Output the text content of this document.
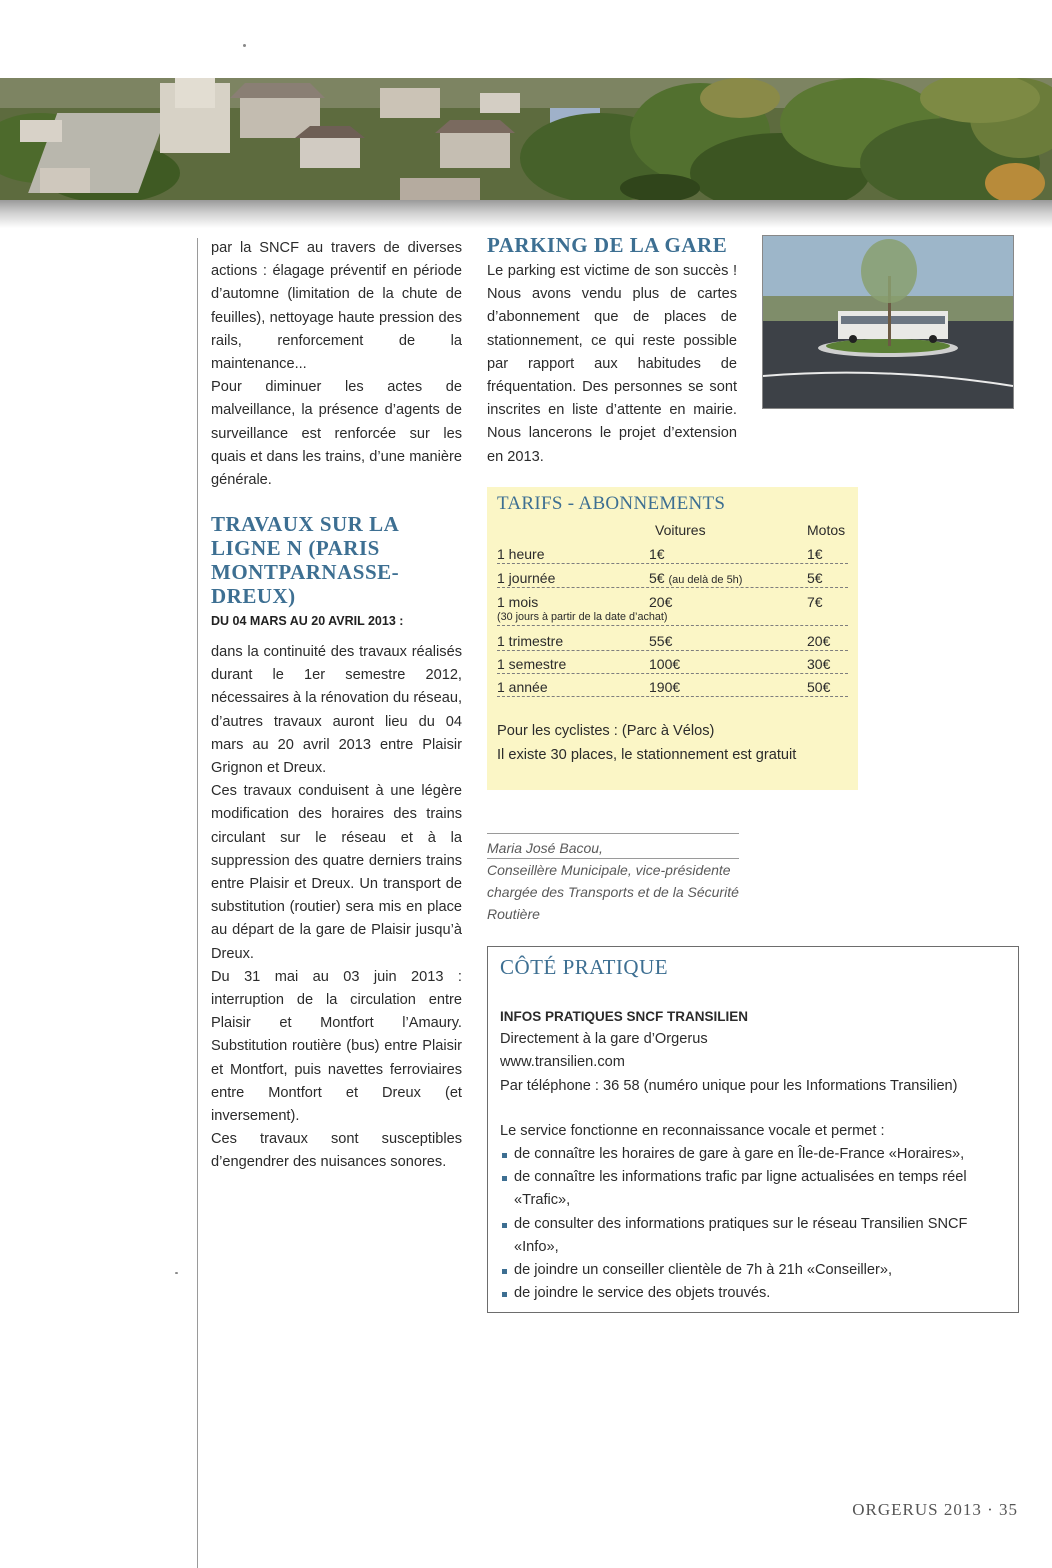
par la SNCF au travers de diverses actions : élagage préventif en période d’automne (limitation de la chute de feuilles), nettoyage haute pression des rails, renforcement de la maintenance...

Pour diminuer les actes de malveillance, la présence d’agents de surveillance est renforcée sur les quais et dans les trains, d’une manière générale.

TRAVAUX SUR LA LIGNE N (PARIS MONTPARNASSE-DREUX)
DU 04 MARS AU 20 AVRIL 2013 :

dans la continuité des travaux réalisés durant le 1er semestre 2012, nécessaires à la rénovation du réseau, d’autres travaux auront lieu du 04 mars au 20 avril 2013 entre Plaisir Grignon et Dreux.

Ces travaux conduisent à une légère modification des horaires des trains circulant sur le réseau et à la suppression des quatre derniers trains entre Plaisir et Dreux. Un transport de substitution (routier) sera mis en place au départ de la gare de Plaisir jusqu’à Dreux.

Du 31 mai au 03 juin 2013 : interruption de la circulation entre Plaisir et Montfort l’Amaury. Substitution routière (bus) entre Plaisir et Montfort, puis navettes ferroviaires entre Montfort et Dreux (et inversement).

Ces travaux sont susceptibles d’engendrer des nuisances sonores.

PARKING DE LA GARE

Le parking est victime de son succès ! Nous avons vendu plus de cartes d’abonnement que de places de stationnement, ce qui reste possible par rapport aux habitudes de fréquentation. Des personnes se sont inscrites en liste d’attente en mairie. Nous lancerons le projet d’extension en 2013.

TARIFS - ABONNEMENTS
Voitures	Motos
1 heure	1€	1€
1 journée	5€ (au delà de 5h)	5€
1 mois	20€	7€
(30 jours à partir de la date d’achat)
1 trimestre	55€	20€
1 semestre	100€	30€
1 année	190€	50€
Pour les cyclistes : (Parc à Vélos)
Il existe 30 places, le stationnement est gratuit
Maria José Bacou,
Conseillère Municipale, vice-présidente chargée des Transports et de la Sécurité Routière
CÔTÉ PRATIQUE

INFOS PRATIQUES SNCF TRANSILIEN

Directement à la gare d’Orgerus

www.transilien.com

Par téléphone : 36 58 (numéro unique pour les Informations Transilien)

Le service fonctionne en reconnaissance vocale et permet :

de connaître les horaires de gare à gare en Île-de-France «Horaires»,
de connaître les informations trafic par ligne actualisées en temps réel «Trafic»,
de consulter des informations pratiques sur le réseau Transilien SNCF «Info»,
de joindre un conseiller clientèle de 7h à 21h «Conseiller»,
de joindre le service des objets trouvés.
ORGERUS 2013 · 35
